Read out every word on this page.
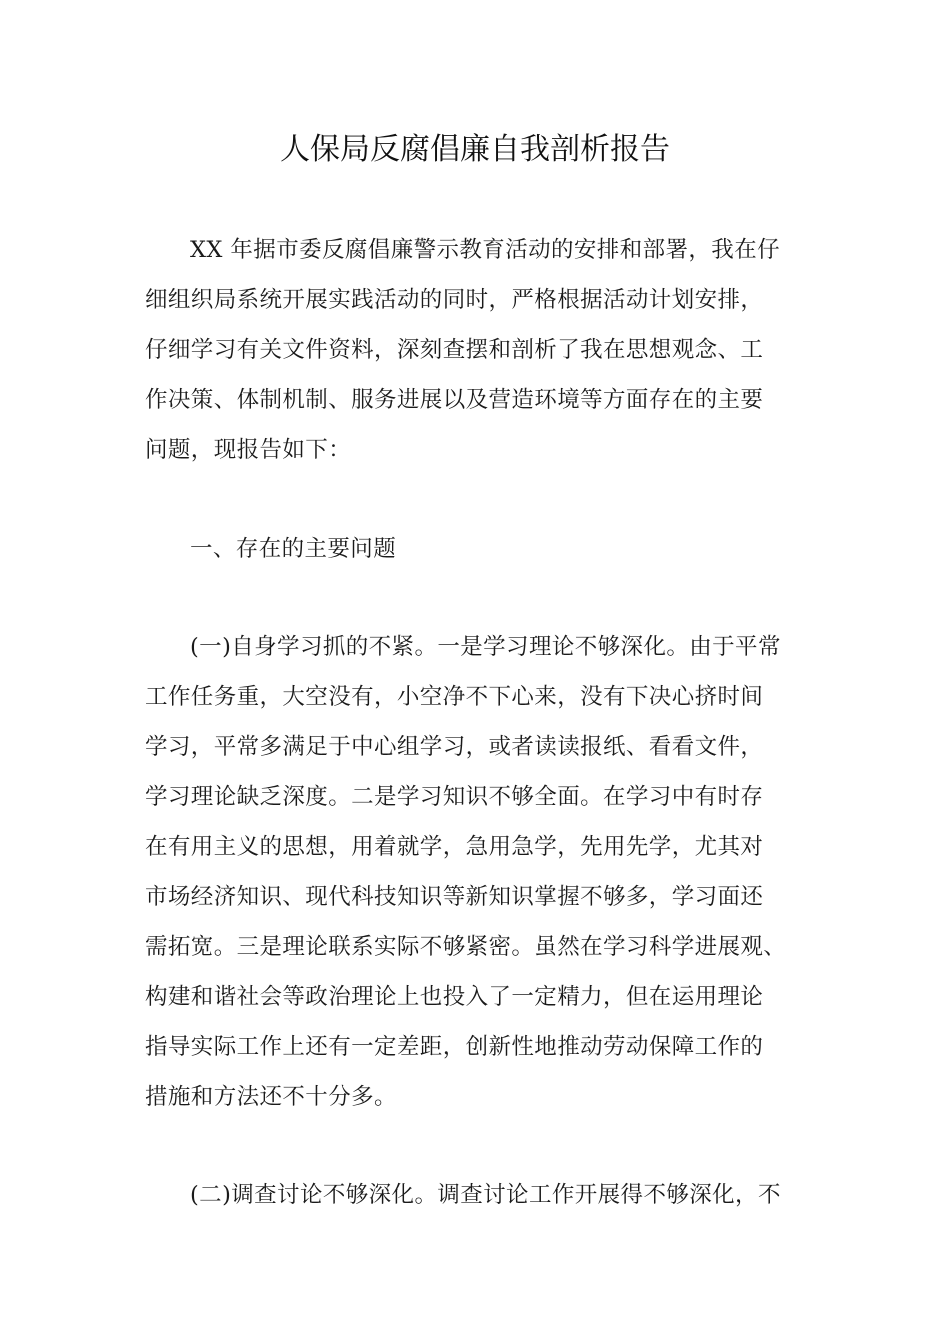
人保局反腐倡廉自我剖析报告
XX 年据市委反腐倡廉警示教育活动的安排和部署，我在仔
细组织局系统开展实践活动的同时，严格根据活动计划安排，
仔细学习有关文件资料，深刻查摆和剖析了我在思想观念、工
作决策、体制机制、服务进展以及营造环境等方面存在的主要
问题，现报告如下：
一、存在的主要问题
(一)自身学习抓的不紧。一是学习理论不够深化。由于平常
工作任务重，大空没有，小空净不下心来，没有下决心挤时间
学习，平常多满足于中心组学习，或者读读报纸、看看文件，
学习理论缺乏深度。二是学习知识不够全面。在学习中有时存
在有用主义的思想，用着就学，急用急学，先用先学，尤其对
市场经济知识、现代科技知识等新知识掌握不够多，学习面还
需拓宽。三是理论联系实际不够紧密。虽然在学习科学进展观、
构建和谐社会等政治理论上也投入了一定精力，但在运用理论
指导实际工作上还有一定差距，创新性地推动劳动保障工作的
措施和方法还不十分多。
(二)调查讨论不够深化。调查讨论工作开展得不够深化，不
